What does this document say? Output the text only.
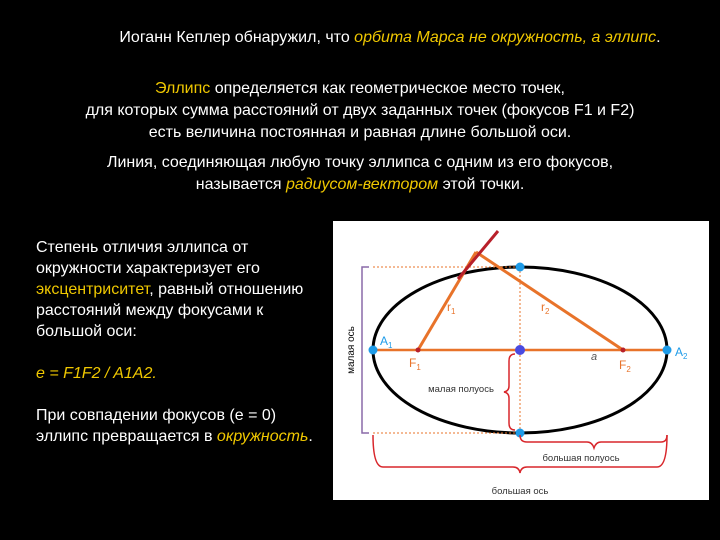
Иоганн Кеплер обнаружил, что орбита Марса не окружность, а эллипс.
Эллипс определяется как геометрическое место точек,
для которых сумма расстояний от двух заданных точек (фокусов F1 и F2)
есть величина постоянная и равная длине большой оси.
Линия, соединяющая любую точку эллипса с одним из его фокусов,
называется радиусом-вектором этой точки.

Степень отличия эллипса от окружности характеризует его эксцентриситет, равный отношению расстояний между фокусами к большой оси:

e = F1F2 / A1A2.

При совпадении фокусов (e = 0) эллипс превращается в окружность.

малая ось
малая полуось
большая полуось
большая ось
$A_1$	$A_2$
$F_1$	$F_2$
$r_1$	$r_2$
a
